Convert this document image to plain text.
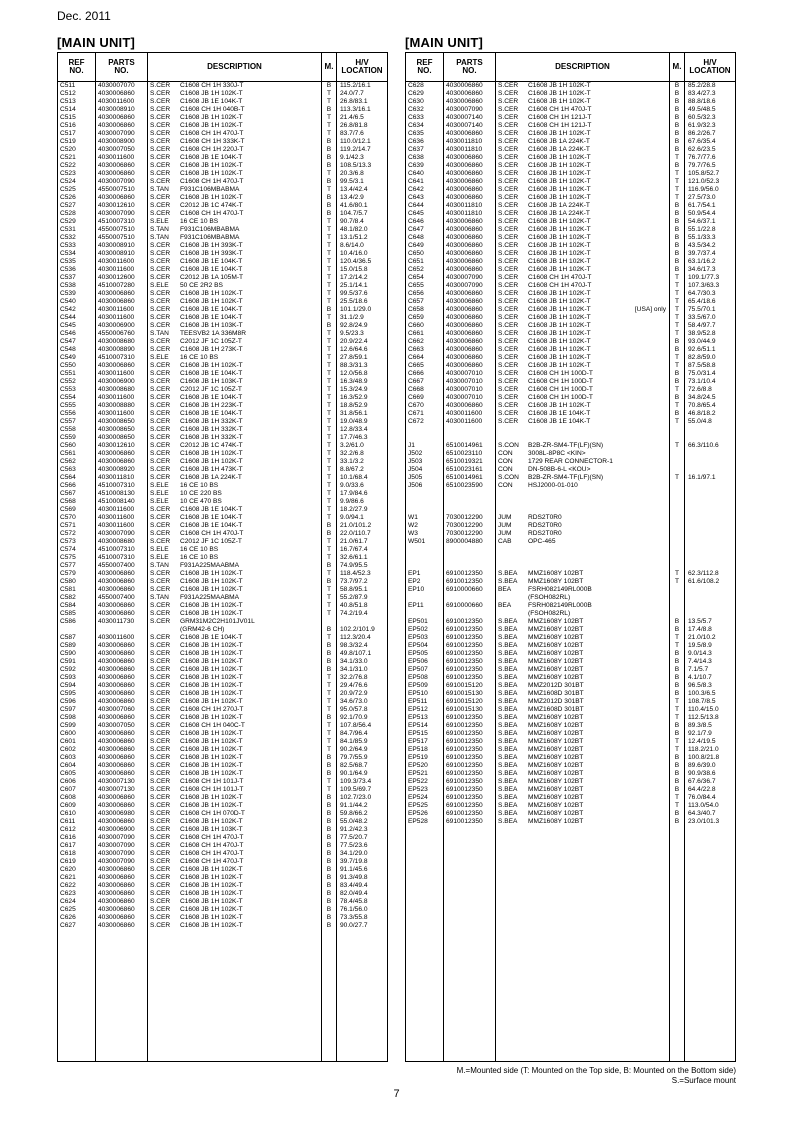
Dec. 2011
[MAIN UNIT]	[MAIN UNIT]
REF
NO.
PARTS
NO.	DESCRIPTION	M.	H/V
LOCATION
C511	4030007070	S.CER	C1608 CH 1H 330J-T	B	115.2/16.1
C512	4030006860	S.CER	C1608 JB 1H 102K-T	T	24.0/7.7
C513	4030011600	S.CER	C1608 JB 1E 104K-T	T	26.8/83.1
C514	4030008910	S.CER	C1608 CH 1H 040B-T	B	113.3/16.1
C515	4030006860	S.CER	C1608 JB 1H 102K-T	T	21.4/6.5
C516	4030006860	S.CER	C1608 JB 1H 102K-T	T	26.8/81.8
C517	4030007090	S.CER	C1608 CH 1H 470J-T	T	83.7/7.6
C519	4030008900	S.CER	C1608 CH 1H 333K-T	B	110.0/12.1
C520	4030007050	S.CER	C1608 CH 1H 220J-T	B	119.2/14.7
C521	4030011600	S.CER	C1608 JB 1E 104K-T	B	9.1/42.3
C522	4030006860	S.CER	C1608 JB 1H 102K-T	B	108.5/13.3
C523	4030006860	S.CER	C1608 JB 1H 102K-T	T	20.3/6.8
C524	4030007090	S.CER	C1608 CH 1H 470J-T	B	99.5/3.1
C525	4550007510	S.TAN	F931C106MBABMA	T	13.4/42.4
C526	4030006860	S.CER	C1608 JB 1H 102K-T	B	13.4/2.9
C527	4030012610	S.CER	C2012 JB 1C 474K-T	B	41.6/80.1
C528	4030007090	S.CER	C1608 CH 1H 470J-T	B	104.7/5.7
C529	4510007310	S.ELE	16 CE 10 BS	T	90.7/8.4
C531	4550007510	S.TAN	F931C106MBABMA	T	48.1/82.0
C532	4550007510	S.TAN	F931C106MBABMA	T	13.1/51.2
C533	4030008910	S.CER	C1608 JB 1H 393K-T	T	8.6/14.0
C534	4030008910	S.CER	C1608 JB 1H 393K-T	T	10.4/16.0
C535	4030011600	S.CER	C1608 JB 1E 104K-T	T	120.4/36.5
C536	4030011600	S.CER	C1608 JB 1E 104K-T	T	15.0/15.8
C537	4030012600	S.CER	C2012 JB 1A 105M-T	T	17.2/14.2
C538	4510007280	S.ELE	50 CE 2R2 BS	T	25.1/14.1
C539	4030006860	S.CER	C1608 JB 1H 102K-T	T	99.5/37.6
C540	4030006860	S.CER	C1608 JB 1H 102K-T	T	25.5/18.6
C542	4030011600	S.CER	C1608 JB 1E 104K-T	B	101.1/29.0
C544	4030011600	S.CER	C1608 JB 1E 104K-T	T	31.1/2.9
C545	4030006900	S.CER	C1608 JB 1H 103K-T	B	92.8/24.9
C546	4550006760	S.TAN	TEESVB2 1A 336M8R	T	9.5/23.3
C547	4030008680	S.CER	C2012 JF 1C 105Z-T	T	20.9/22.4
C548	4030008890	S.CER	C1608 JB 1H 273K-T	T	12.6/64.6
C549	4510007310	S.ELE	16 CE 10 BS	T	27.8/59.1
C550	4030006860	S.CER	C1608 JB 1H 102K-T	T	88.3/31.3
C551	4030011600	S.CER	C1608 JB 1E 104K-T	T	12.0/56.8
C552	4030006900	S.CER	C1608 JB 1H 103K-T	T	16.3/48.9
C553	4030008680	S.CER	C2012 JF 1C 105Z-T	T	15.3/24.9
C554	4030011600	S.CER	C1608 JB 1E 104K-T	T	16.3/52.9
C555	4030008880	S.CER	C1608 JB 1H 223K-T	T	18.8/52.9
C556	4030011600	S.CER	C1608 JB 1E 104K-T	T	31.8/56.1
C557	4030008650	S.CER	C1608 JB 1H 332K-T	T	19.0/48.9
C558	4030008650	S.CER	C1608 JB 1H 332K-T	T	12.8/33.4
C559	4030008650	S.CER	C1608 JB 1H 332K-T	T	17.7/46.3
C560	4030012610	S.CER	C2012 JB 1C 474K-T	T	3.2/61.0
C561	4030006860	S.CER	C1608 JB 1H 102K-T	T	32.2/6.8
C562	4030006860	S.CER	C1608 JB 1H 102K-T	T	33.1/3.2
C563	4030008920	S.CER	C1608 JB 1H 473K-T	T	8.8/67.2
C564	4030011810	S.CER	C1608 JB 1A 224K-T	T	10.1/68.4
C566	4510007310	S.ELE	16 CE 10 BS	T	9.0/33.6
C567	4510008130	S.ELE	10 CE 220 BS	T	17.9/84.6
C568	4510008140	S.ELE	10 CE 470 BS	T	9.9/86.6
C569	4030011600	S.CER	C1608 JB 1E 104K-T	T	18.2/27.9
C570	4030011600	S.CER	C1608 JB 1E 104K-T	T	9.0/94.1
C571	4030011600	S.CER	C1608 JB 1E 104K-T	B	21.0/101.2
C572	4030007090	S.CER	C1608 CH 1H 470J-T	B	22.0/110.7
C573	4030008680	S.CER	C2012 JF 1C 105Z-T	T	21.0/61.7
C574	4510007310	S.ELE	16 CE 10 BS	T	16.7/67.4
C575	4510007310	S.ELE	16 CE 10 BS	T	32.6/61.1
C577	4550007400	S.TAN	F931A225MAABMA	B	74.9/95.5
C579	4030006860	S.CER	C1608 JB 1H 102K-T	T	118.4/52.3
C580	4030006860	S.CER	C1608 JB 1H 102K-T	B	73.7/97.2
C581	4030006860	S.CER	C1608 JB 1H 102K-T	T	58.8/95.1
C582	4550007400	S.TAN	F931A225MAABMA	T	55.2/87.9
C584	4030006860	S.CER	C1608 JB 1H 102K-T	T	40.8/51.8
C585	4030006860	S.CER	C1608 JB 1H 102K-T	T	74.2/19.4
C586	4030011730	S.CER	GRM31M2C2H101JV01L
(GRM42-6 CH)	B	102.2/101.9
C587	4030011600	S.CER	C1608 JB 1E 104K-T	T	112.3/20.4
C589	4030006860	S.CER	C1608 JB 1H 102K-T	B	98.3/32.4
C590	4030006860	S.CER	C1608 JB 1H 102K-T	B	49.8/107.1
C591	4030006860	S.CER	C1608 JB 1H 102K-T	B	34.1/33.0
C592	4030006860	S.CER	C1608 JB 1H 102K-T	B	34.1/31.0
C593	4030006860	S.CER	C1608 JB 1H 102K-T	T	32.2/76.8
C594	4030006860	S.CER	C1608 JB 1H 102K-T	T	29.4/76.6
C595	4030006860	S.CER	C1608 JB 1H 102K-T	T	20.9/72.9
C596	4030006860	S.CER	C1608 JB 1H 102K-T	T	34.6/73.0
C597	4030007060	S.CER	C1608 CH 1H 270J-T	T	95.0/57.8
C598	4030006860	S.CER	C1608 JB 1H 102K-T	B	92.1/70.9
C599	4030007050	S.CER	C1608 CH 1H 040C-T	T	107.8/56.4
C600	4030006860	S.CER	C1608 JB 1H 102K-T	T	84.7/96.4
C601	4030006860	S.CER	C1608 JB 1H 102K-T	T	84.1/85.9
C602	4030006860	S.CER	C1608 JB 1H 102K-T	T	90.2/64.9
C603	4030006860	S.CER	C1608 JB 1H 102K-T	B	79.7/55.9
C604	4030006860	S.CER	C1608 JB 1H 102K-T	B	82.5/68.7
C605	4030006860	S.CER	C1608 JB 1H 102K-T	B	90.1/64.9
C606	4030007130	S.CER	C1608 CH 1H 101J-T	T	109.3/73.4
C607	4030007130	S.CER	C1608 CH 1H 101J-T	T	109.5/69.7
C608	4030006860	S.CER	C1608 JB 1H 102K-T	B	102.7/23.0
C609	4030006860	S.CER	C1608 JB 1H 102K-T	B	91.1/44.2
C610	4030006980	S.CER	C1608 CH 1H 070D-T	B	59.8/66.2
C611	4030006860	S.CER	C1608 JB 1H 102K-T	B	55.0/48.2
C612	4030006900	S.CER	C1608 JB 1H 103K-T	B	91.2/42.3
C616	4030007090	S.CER	C1608 CH 1H 470J-T	B	77.5/20.7
C617	4030007090	S.CER	C1608 CH 1H 470J-T	B	77.5/23.6
C618	4030007090	S.CER	C1608 CH 1H 470J-T	B	34.1/29.0
C619	4030007090	S.CER	C1608 CH 1H 470J-T	B	39.7/19.8
C620	4030006860	S.CER	C1608 JB 1H 102K-T	B	91.1/45.6
C621	4030006860	S.CER	C1608 JB 1H 102K-T	B	91.3/49.8
C622	4030006860	S.CER	C1608 JB 1H 102K-T	B	83.4/49.4
C623	4030006860	S.CER	C1608 JB 1H 102K-T	B	82.0/49.4
C624	4030006860	S.CER	C1608 JB 1H 102K-T	B	78.4/45.8
C625	4030006860	S.CER	C1608 JB 1H 102K-T	B	76.1/56.0
C626	4030006860	S.CER	C1608 JB 1H 102K-T	B	73.3/55.8
C627	4030006860	S.CER	C1608 JB 1H 102K-T	B	90.0/27.7
REF
NO.
PARTS
NO.	DESCRIPTION	M.	H/V
LOCATION
C628	4030006860	S.CER	C1608 JB 1H 102K-T	B	85.2/28.8
C629	4030006860	S.CER	C1608 JB 1H 102K-T	B	83.4/27.3
C630	4030006860	S.CER	C1608 JB 1H 102K-T	B	88.8/18.6
C632	4030007090	S.CER	C1608 CH 1H 470J-T	B	49.5/48.5
C633	4030007140	S.CER	C1608 CH 1H 121J-T	B	60.5/32.3
C634	4030007140	S.CER	C1608 CH 1H 121J-T	B	61.9/32.3
C635	4030006860	S.CER	C1608 JB 1H 102K-T	B	86.2/26.7
C636	4030011810	S.CER	C1608 JB 1A 224K-T	B	67.6/35.4
C637	4030011810	S.CER	C1608 JB 1A 224K-T	B	62.6/23.5
C638	4030006860	S.CER	C1608 JB 1H 102K-T	T	76.7/77.6
C639	4030006860	S.CER	C1608 JB 1H 102K-T	B	79.7/76.5
C640	4030006860	S.CER	C1608 JB 1H 102K-T	T	105.8/52.7
C641	4030006860	S.CER	C1608 JB 1H 102K-T	T	121.0/52.3
C642	4030006860	S.CER	C1608 JB 1H 102K-T	T	116.9/56.0
C643	4030006860	S.CER	C1608 JB 1H 102K-T	T	27.5/73.0
C644	4030011810	S.CER	C1608 JB 1A 224K-T	B	61.7/54.1
C645	4030011810	S.CER	C1608 JB 1A 224K-T	B	50.9/54.4
C646	4030006860	S.CER	C1608 JB 1H 102K-T	B	54.6/37.1
C647	4030006860	S.CER	C1608 JB 1H 102K-T	B	55.1/22.8
C648	4030006860	S.CER	C1608 JB 1H 102K-T	B	55.1/33.3
C649	4030006860	S.CER	C1608 JB 1H 102K-T	B	43.5/34.2
C650	4030006860	S.CER	C1608 JB 1H 102K-T	B	39.7/37.4
C651	4030006860	S.CER	C1608 JB 1H 102K-T	B	63.1/16.2
C652	4030006860	S.CER	C1608 JB 1H 102K-T	B	34.6/17.3
C654	4030007090	S.CER	C1608 CH 1H 470J-T	T	109.1/77.3
C655	4030007090	S.CER	C1608 CH 1H 470J-T	T	107.3/63.3
C656	4030006860	S.CER	C1608 JB 1H 102K-T	T	64.7/30.3
C657	4030006860	S.CER	C1608 JB 1H 102K-T	T	65.4/18.6
C658	4030006860	S.CER	C1608 JB 1H 102K-T	[USA] only	T	75.5/70.1
C659	4030006860	S.CER	C1608 JB 1H 102K-T	T	33.5/67.0
C660	4030006860	S.CER	C1608 JB 1H 102K-T	T	58.4/97.7
C661	4030006860	S.CER	C1608 JB 1H 102K-T	T	38.9/52.8
C662	4030006860	S.CER	C1608 JB 1H 102K-T	B	93.0/44.9
C663	4030006860	S.CER	C1608 JB 1H 102K-T	B	92.6/51.1
C664	4030006860	S.CER	C1608 JB 1H 102K-T	T	82.8/59.0
C665	4030006860	S.CER	C1608 JB 1H 102K-T	T	87.5/58.8
C666	4030007010	S.CER	C1608 CH 1H 100D-T	B	75.0/31.4
C667	4030007010	S.CER	C1608 CH 1H 100D-T	B	73.1/10.4
C668	4030007010	S.CER	C1608 CH 1H 100D-T	T	72.6/8.8
C669	4030007010	S.CER	C1608 CH 1H 100D-T	B	34.8/24.5
C670	4030006860	S.CER	C1608 JB 1H 102K-T	T	70.8/65.4
C671	4030011600	S.CER	C1608 JB 1E 104K-T	B	46.8/18.2
C672	4030011600	S.CER	C1608 JB 1E 104K-T	T	55.0/4.8
J1	6510014961	S.CON	B2B-ZR-SM4-TF(LF)(SN)	T	66.3/110.6
J502	6510023110	CON	3008L-8P8C <KIN>
J503	6510019321	CON	1729 REAR CONNECTOR-1
J504	6510023161	CON	DN-508B-6-L <KOU>
J505	6510014961	S.CON	B2B-ZR-SM4-TF(LF)(SN)	T	16.1/97.1
J506	6510023590	CON	HSJ2000-01-010
W1	7030012290	JUM	RDS2T0R0
W2	7030012290	JUM	RDS2T0R0
W3	7030012290	JUM	RDS2T0R0
W501	8900004880	CAB	OPC-465
EP1	6910012350	S.BEA	MMZ1608Y 102BT	T	62.3/112.8
EP2	6910012350	S.BEA	MMZ1608Y 102BT	T	61.6/108.2
EP10	6910000660	BEA	FSRH082149RL000B
(FSOH082RL)
EP11	6910000660	BEA	FSRH082149RL000B
(FSOH082RL)
EP501	6910012350	S.BEA	MMZ1608Y 102BT	B	13.5/5.7
EP502	6910012350	S.BEA	MMZ1608Y 102BT	B	17.4/8.8
EP503	6910012350	S.BEA	MMZ1608Y 102BT	T	21.0/10.2
EP504	6910012350	S.BEA	MMZ1608Y 102BT	T	19.5/8.9
EP505	6910012350	S.BEA	MMZ1608Y 102BT	B	9.0/14.3
EP506	6910012350	S.BEA	MMZ1608Y 102BT	B	7.4/14.3
EP507	6910012350	S.BEA	MMZ1608Y 102BT	B	7.1/5.7
EP508	6910012350	S.BEA	MMZ1608Y 102BT	B	4.1/10.7
EP509	6910015120	S.BEA	MMZ2012D 301BT	B	96.5/8.3
EP510	6910015130	S.BEA	MMZ1608D 301BT	B	100.3/6.5
EP511	6910015120	S.BEA	MMZ2012D 301BT	T	108.7/8.5
EP512	6910015130	S.BEA	MMZ1608D 301BT	T	110.4/15.0
EP513	6910012350	S.BEA	MMZ1608Y 102BT	T	112.5/13.8
EP514	6910012350	S.BEA	MMZ1608Y 102BT	B	89.3/8.5
EP515	6910012350	S.BEA	MMZ1608Y 102BT	B	92.1/7.9
EP517	6910012350	S.BEA	MMZ1608Y 102BT	T	12.4/19.5
EP518	6910012350	S.BEA	MMZ1608Y 102BT	T	118.2/21.0
EP519	6910012350	S.BEA	MMZ1608Y 102BT	B	100.8/21.8
EP520	6910012350	S.BEA	MMZ1608Y 102BT	B	89.6/39.0
EP521	6910012350	S.BEA	MMZ1608Y 102BT	B	90.9/38.6
EP522	6910012350	S.BEA	MMZ1608Y 102BT	B	67.6/36.7
EP523	6910012350	S.BEA	MMZ1608Y 102BT	B	64.4/22.8
EP524	6910012350	S.BEA	MMZ1608Y 102BT	T	76.0/84.4
EP525	6910012350	S.BEA	MMZ1608Y 102BT	T	113.0/54.0
EP526	6910012350	S.BEA	MMZ1608Y 102BT	B	64.3/40.7
EP528	6910012350	S.BEA	MMZ1608Y 102BT	B	23.0/101.3
M.=Mounted side (T: Mounted on the Top side, B: Mounted on the Bottom side)
S.=Surface mount
7
